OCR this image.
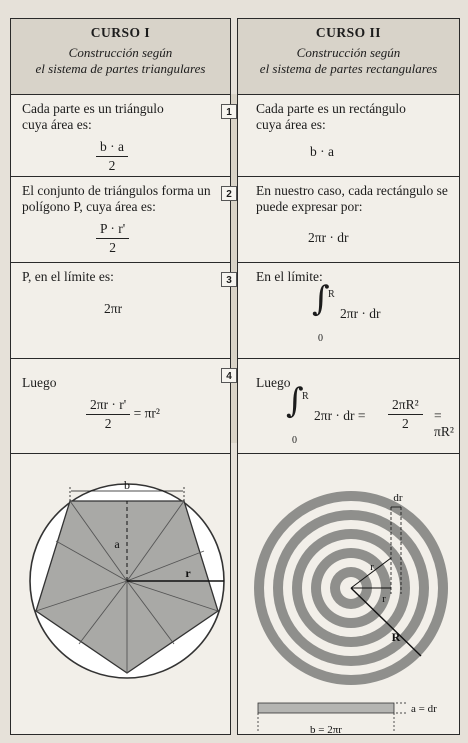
CURSO I
Construcción según
el sistema de partes triangulares
Cada parte es un triángulo cuya área es:
$\frac{b \cdot a}{2}$
El conjunto de triángulos forma un polígono P, cuya área es:
$\frac{P \cdot r'}{2}$
P, en el límite es:
2πr
Luego
$\frac{2\pi r \cdot r'}{2} = \pi r^2$
b
a
r
CURSO II
Construcción según
el sistema de partes rectangulares
Cada parte es un rectángulo cuya área es:
b · a
En nuestro caso, cada rectángulo se puede expresar por:
2πr · dr
En el límite:
∫
R
0
2πr · dr
Luego
∫
R
0
2πr · dr = $\frac{\text{2πR²}}{2} = \pi R^2$
dr
r
r
R
a = dr
b = 2πr
1
2
3
4
